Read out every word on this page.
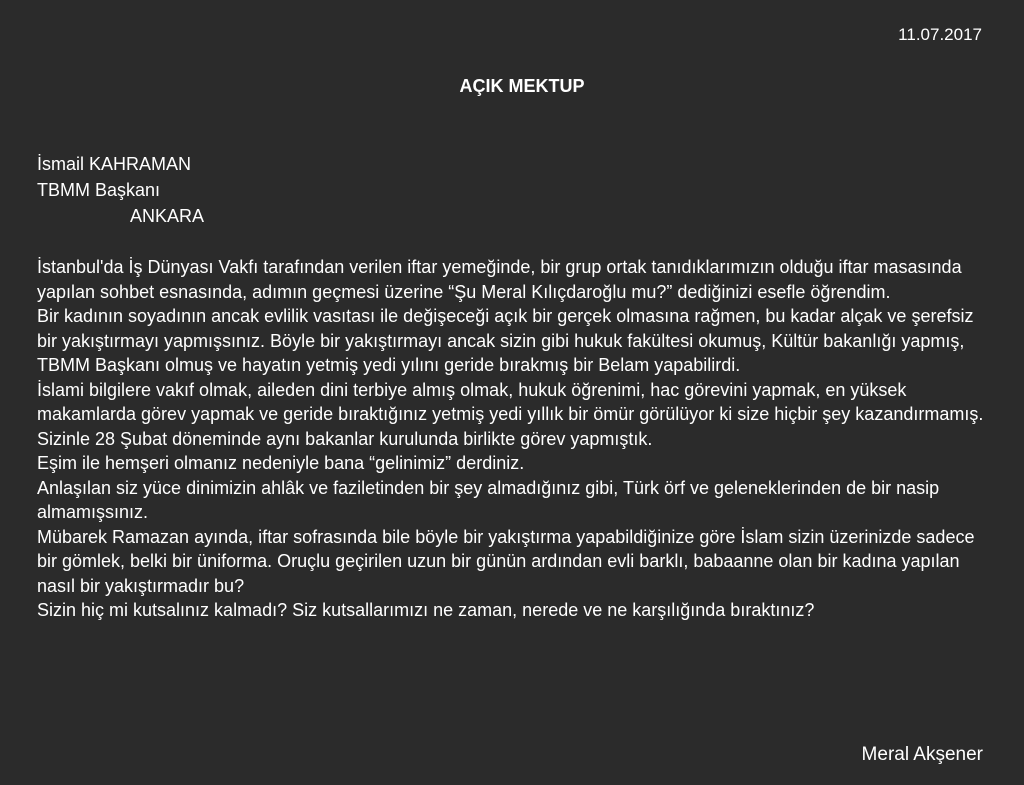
11.07.2017
AÇIK MEKTUP
İsmail KAHRAMAN
TBMM Başkanı
ANKARA

İstanbul'da İş Dünyası Vakfı tarafından verilen iftar yemeğinde, bir grup ortak tanıdıklarımızın olduğu iftar masasında yapılan sohbet esnasında, adımın geçmesi üzerine “Şu Meral Kılıçdaroğlu mu?” dediğinizi esefle öğrendim.

Bir kadının soyadının ancak evlilik vasıtası ile değişeceği açık bir gerçek olmasına rağmen, bu kadar alçak ve şerefsiz bir yakıştırmayı yapmışsınız. Böyle bir yakıştırmayı ancak sizin gibi hukuk fakültesi okumuş, Kültür bakanlığı yapmış, TBMM Başkanı olmuş ve hayatın yetmiş yedi yılını geride bırakmış bir Belam yapabilirdi.

İslami bilgilere vakıf olmak, aileden dini terbiye almış olmak, hukuk öğrenimi, hac görevini yapmak, en yüksek makamlarda görev yapmak ve geride bıraktığınız yetmiş yedi yıllık bir ömür görülüyor ki size hiçbir şey kazandırmamış.

Sizinle 28 Şubat döneminde aynı bakanlar kurulunda birlikte görev yapmıştık.

Eşim ile hemşeri olmanız nedeniyle bana “gelinimiz” derdiniz.

Anlaşılan siz yüce dinimizin ahlâk ve faziletinden bir şey almadığınız gibi, Türk örf ve geleneklerinden de bir nasip almamışsınız.

Mübarek Ramazan ayında, iftar sofrasında bile böyle bir yakıştırma yapabildiğinize göre İslam sizin üzerinizde sadece bir gömlek, belki bir üniforma. Oruçlu geçirilen uzun bir günün ardından evli barklı, babaanne olan bir kadına yapılan nasıl bir yakıştırmadır bu?

Sizin hiç mi kutsalınız kalmadı? Siz kutsallarımızı ne zaman, nerede ve ne karşılığında bıraktınız?

Meral Akşener
